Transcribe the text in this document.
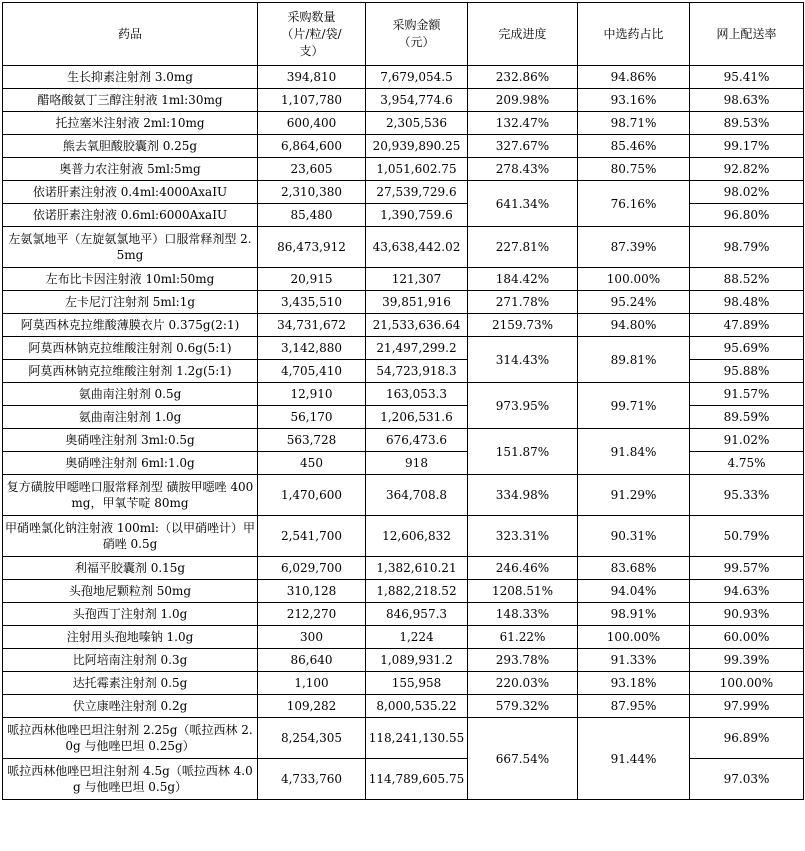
药品	采购数量
（片/粒/袋/
支）	采购金额
（元）	完成进度	中选药占比	网上配送率
生长抑素注射剂 3.0mg	394,810	7,679,054.5	232.86%	94.86%	95.41%
醋咯酸氨丁三醇注射液 1ml:30mg	1,107,780	3,954,774.6	209.98%	93.16%	98.63%
托拉塞米注射液 2ml:10mg	600,400	2,305,536	132.47%	98.71%	89.53%
熊去氧胆酸胶囊剂 0.25g	6,864,600	20,939,890.25	327.67%	85.46%	99.17%
奥普力农注射液 5ml:5mg	23,605	1,051,602.75	278.43%	80.75%	92.82%
依诺肝素注射液 0.4ml:4000AxaIU	2,310,380	27,539,729.6	641.34%	76.16%	98.02%
依诺肝素注射液 0.6ml:6000AxaIU	85,480	1,390,759.6			96.80%
左氨氯地平（左旋氨氯地平）口服常释剂型 2.5mg	86,473,912	43,638,442.02	227.81%	87.39%	98.79%
左布比卡因注射液 10ml:50mg	20,915	121,307	184.42%	100.00%	88.52%
左卡尼汀注射剂 5ml:1g	3,435,510	39,851,916	271.78%	95.24%	98.48%
阿莫西林克拉维酸薄膜衣片 0.375g(2:1)	34,731,672	21,533,636.64	2159.73%	94.80%	47.89%
阿莫西林钠克拉维酸注射剂 0.6g(5:1)	3,142,880	21,497,299.2	314.43%	89.81%	95.69%
阿莫西林钠克拉维酸注射剂 1.2g(5:1)	4,705,410	54,723,918.3			95.88%
氨曲南注射剂 0.5g	12,910	163,053.3	973.95%	99.71%	91.57%
氨曲南注射剂 1.0g	56,170	1,206,531.6			89.59%
奥硝唑注射剂 3ml:0.5g	563,728	676,473.6	151.87%	91.84%	91.02%
奥硝唑注射剂 6ml:1.0g	450	918			4.75%
复方磺胺甲噁唑口服常释剂型 磺胺甲噁唑 400mg，甲氧苄啶 80mg	1,470,600	364,708.8	334.98%	91.29%	95.33%
甲硝唑氯化钠注射液 100ml:（以甲硝唑计）甲硝唑 0.5g	2,541,700	12,606,832	323.31%	90.31%	50.79%
利福平胶囊剂 0.15g	6,029,700	1,382,610.21	246.46%	83.68%	99.57%
头孢地尼颗粒剂 50mg	310,128	1,882,218.52	1208.51%	94.04%	94.63%
头孢西丁注射剂 1.0g	212,270	846,957.3	148.33%	98.91%	90.93%
注射用头孢地嗪钠 1.0g	300	1,224	61.22%	100.00%	60.00%
比阿培南注射剂 0.3g	86,640	1,089,931.2	293.78%	91.33%	99.39%
达托霉素注射剂 0.5g	1,100	155,958	220.03%	93.18%	100.00%
伏立康唑注射剂 0.2g	109,282	8,000,535.22	579.32%	87.95%	97.99%
哌拉西林他唑巴坦注射剂 2.25g（哌拉西林 2.0g 与他唑巴坦 0.25g）	8,254,305	118,241,130.55	667.54%	91.44%	96.89%
哌拉西林他唑巴坦注射剂 4.5g（哌拉西林 4.0g 与他唑巴坦 0.5g）	4,733,760	114,789,605.75			97.03%
